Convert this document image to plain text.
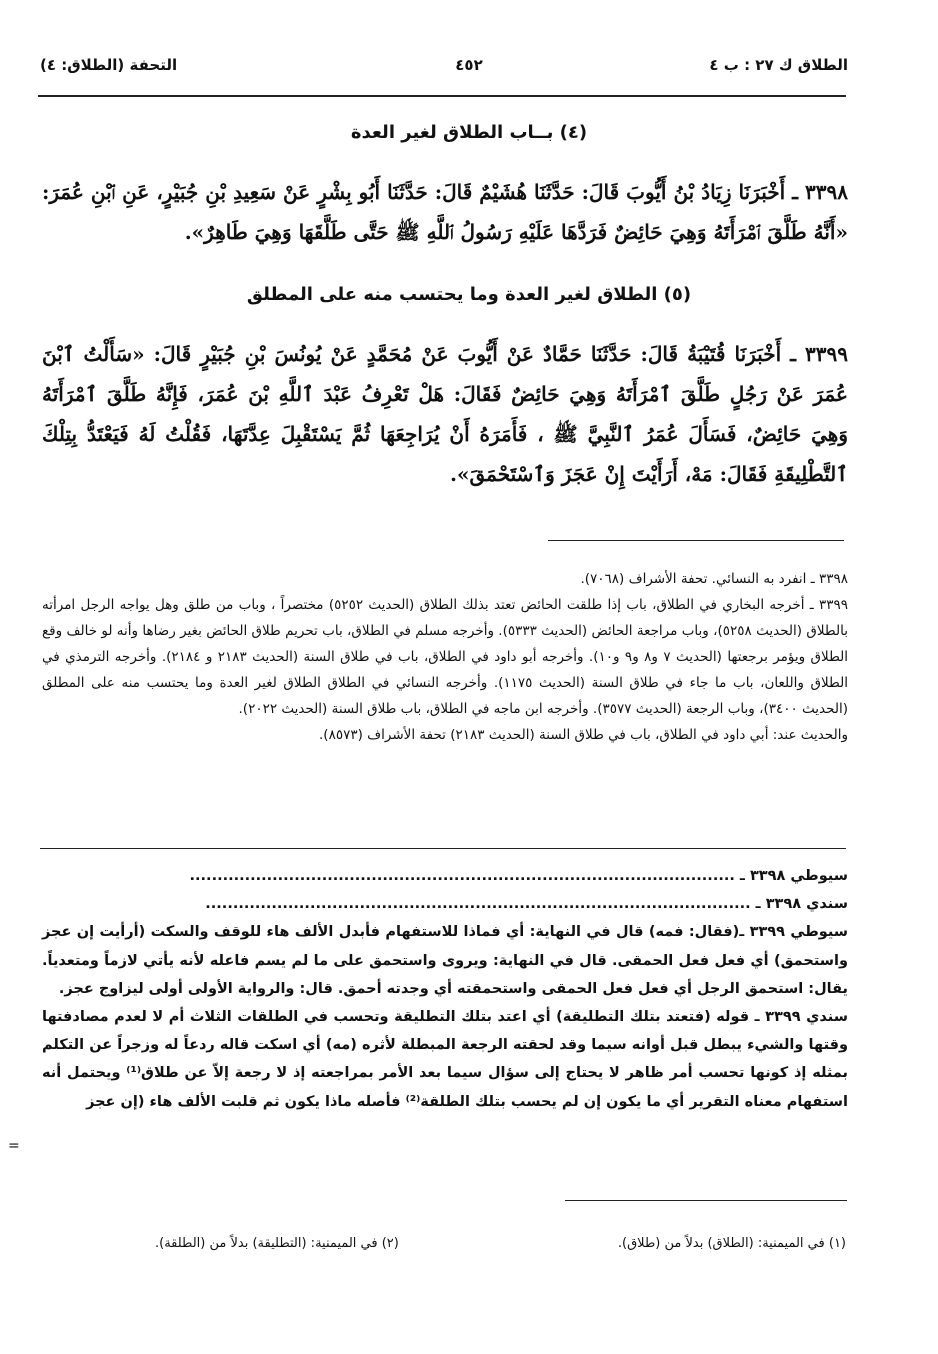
الطلاق ك ٢٧ : ب ٤
٤٥٢
التحفة (الطلاق: ٤)
(٤) بــاب الطلاق لغير العدة
٣٣٩٨ ـ أَخْبَرَنَا زِيَادُ بْنُ أَيُّوبَ قَالَ: حَدَّثَنَا هُشَيْمٌ قَالَ: حَدَّثَنَا أَبُو بِشْرٍ عَنْ سَعِيدِ بْنِ جُبَيْرٍ، عَنِ ٱبْنِ عُمَرَ: «أَنَّهُ طَلَّقَ ٱمْرَأَتَهُ وَهِيَ حَائِضٌ فَرَدَّهَا عَلَيْهِ رَسُولُ ٱللَّهِ ﷺ حَتَّى طَلَّقَهَا وَهِيَ طَاهِرٌ».
(٥) الطلاق لغير العدة وما يحتسب منه على المطلق
٣٣٩٩ ـ أَخْبَرَنَا قُتَيْبَةُ قَالَ: حَدَّثَنَا حَمَّادٌ عَنْ أَيُّوبَ عَنْ مُحَمَّدٍ عَنْ يُونُسَ بْنِ جُبَيْرٍ قَالَ: «سَأَلْتُ ٱبْنَ عُمَرَ عَنْ رَجُلٍ طَلَّقَ ٱمْرَأَتَهُ وَهِيَ حَائِضٌ فَقَالَ: هَلْ تَعْرِفُ عَبْدَ ٱللَّهِ بْنَ عُمَرَ، فَإِنَّهُ طَلَّقَ ٱمْرَأَتَهُ وَهِيَ حَائِضٌ، فَسَأَلَ عُمَرُ ٱلنَّبِيَّ ﷺ ، فَأَمَرَهُ أَنْ يُرَاجِعَهَا ثُمَّ يَسْتَقْبِلَ عِدَّتَهَا، فَقُلْتُ لَهُ فَيَعْتَدُّ بِتِلْكَ ٱلتَّطْلِيقَةِ فَقَالَ: مَهْ، أَرَأَيْتَ إِنْ عَجَزَ وَٱسْتَحْمَقَ».

٣٣٩٨ ـ انفرد به النسائي. تحفة الأشراف (٧٠٦٨).

٣٣٩٩ ـ أخرجه البخاري في الطلاق، باب إذا طلقت الحائض تعتد بذلك الطلاق (الحديث ٥٢٥٢) مختصراً ، وباب من طلق وهل يواجه الرجل امرأته بالطلاق (الحديث ٥٢٥٨)، وباب مراجعة الحائض (الحديث ٥٣٣٣). وأخرجه مسلم في الطلاق، باب تحريم طلاق الحائض بغير رضاها وأنه لو خالف وقع الطلاق ويؤمر برجعتها (الحديث ٧ و٨ و٩ و١٠). وأخرجه أبو داود في الطلاق، باب في طلاق السنة (الحديث ٢١٨٣ و ٢١٨٤). وأخرجه الترمذي في الطلاق واللعان، باب ما جاء في طلاق السنة (الحديث ١١٧٥). وأخرجه النسائي في الطلاق الطلاق لغير العدة وما يحتسب منه على المطلق (الحديث ٣٤٠٠)، وباب الرجعة (الحديث ٣٥٧٧). وأخرجه ابن ماجه في الطلاق، باب طلاق السنة (الحديث ٢٠٢٢).

والحديث عند: أبي داود في الطلاق، باب في طلاق السنة (الحديث ٢١٨٣) تحفة الأشراف (٨٥٧٣).

سيوطي ٣٣٩٨ ـ ...................................................................................................

سندي ٣٣٩٨ ـ ...................................................................................................

سيوطي ٣٣٩٩ ـ(فقال: فمه) قال في النهاية: أي فماذا للاستفهام فأبدل الألف هاء للوقف والسكت (أرأيت إن عجز واستحمق) أي فعل فعل الحمقى. قال في النهاية: ويروى واستحمق على ما لم يسم فاعله لأنه يأتي لازماً ومتعدياً. يقال: استحمق الرجل أي فعل فعل الحمقى واستحمقته أي وجدته أحمق. قال: والرواية الأولى أولى ليزاوج عجز.

سندي ٣٣٩٩ ـ قوله (فتعتد بتلك التطليقة) أي اعتد بتلك التطليقة وتحسب في الطلقات الثلاث أم لا لعدم مصادفتها وقتها والشيء يبطل قبل أوانه سيما وقد لحقته الرجعة المبطلة لأثره (مه) أي اسكت قاله ردعاً له وزجراً عن التكلم بمثله إذ كونها تحسب أمر ظاهر لا يحتاج إلى سؤال سيما بعد الأمر بمراجعته إذ لا رجعة إلاّ عن طلاق⁽¹⁾ ويحتمل أنه استفهام معناه التقرير أي ما يكون إن لم يحسب بتلك الطلقة⁽²⁾ فأصله ماذا يكون ثم قلبت الألف هاء (إن عجز

=
(١) في الميمنية: (الطلاق) بدلاً من (طلاق).
(٢) في الميمنية: (التطليقة) بدلاً من (الطلقة).
